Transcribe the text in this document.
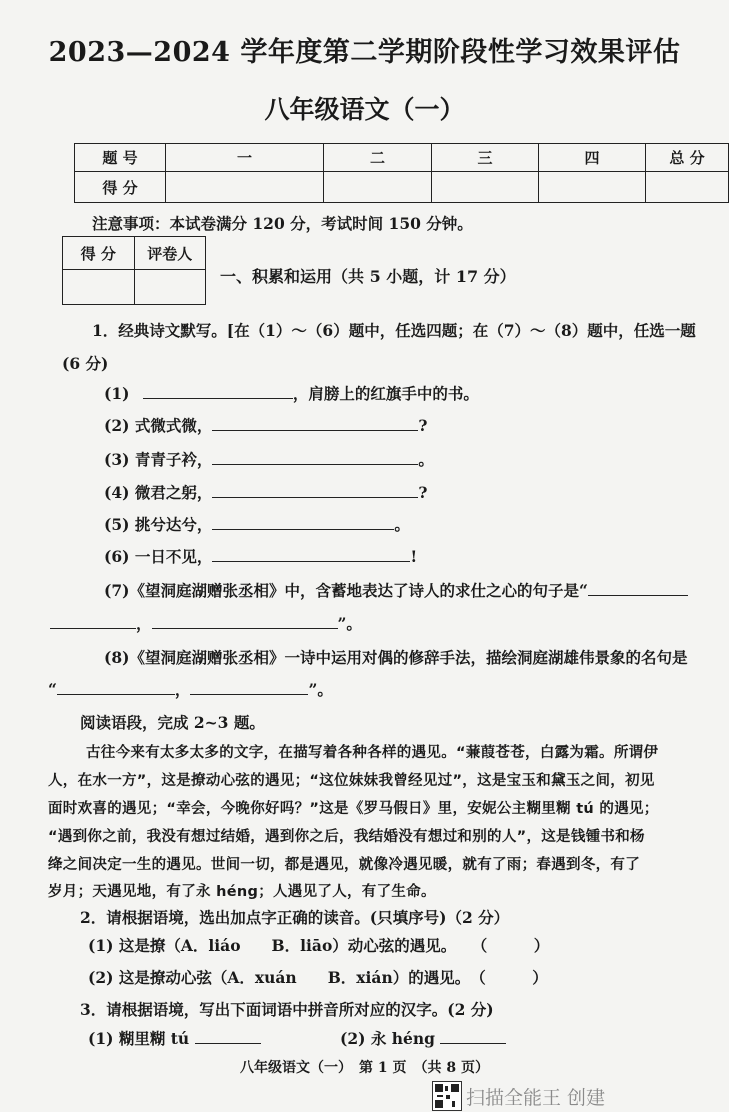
2023—2024 学年度第二学期阶段性学习效果评估
八年级语文（一）
题 号	一	二	三	四	总 分
得 分					
注意事项：本试卷满分 120 分，考试时间 150 分钟。
得 分	评卷人

一、积累和运用（共 5 小题，计 17 分）
1．经典诗文默写。[在（1）～（6）题中，任选四题；在（7）～（8）题中，任选一题
(6 分)
(1)	，肩膀上的红旗手中的书。
(2) 式微式微，	?
(3) 青青子衿，	。
(4) 微君之躬，	?
(5) 挑兮达兮，	。
(6) 一日不见，	!
(7)《望洞庭湖赠张丞相》中，含蓄地表达了诗人的求仕之心的句子是“
，	”。
(8)《望洞庭湖赠张丞相》一诗中运用对偶的修辞手法，描绘洞庭湖雄伟景象的名句是
“	，	”。
阅读语段，完成 2~3 题。
古往今来有太多太多的文字，在描写着各种各样的遇见。“蒹葭苍苍，白露为霜。所谓伊
人，在水一方”，这是撩动心弦的遇见；“这位妹妹我曾经见过”，这是宝玉和黛玉之间，初见
面时欢喜的遇见；“幸会，今晚你好吗？”这是《罗马假日》里，安妮公主糊里糊 tú 的遇见；
“遇到你之前，我没有想过结婚，遇到你之后，我结婚没有想过和别的人”，这是钱锺书和杨
绛之间决定一生的遇见。世间一切，都是遇见，就像冷遇见暖，就有了雨；春遇到冬，有了
岁月；天遇见地，有了永 héng；人遇见了人，有了生命。
2．请根据语境，选出加点字正确的读音。(只填序号)（2 分）
(1) 这是撩（A．liáo　　B．liāo）动心弦的遇见。　　（　　　）
(2) 这是撩动心弦（A．xuán　　B．xián）的遇见。　（　　　）
3．请根据语境，写出下面词语中拼音所对应的汉字。(2 分)
(1) 糊里糊 tú	(2) 永 héng
八年级语文（一）　第 1 页　（共 8 页）
扫描全能王 创建
